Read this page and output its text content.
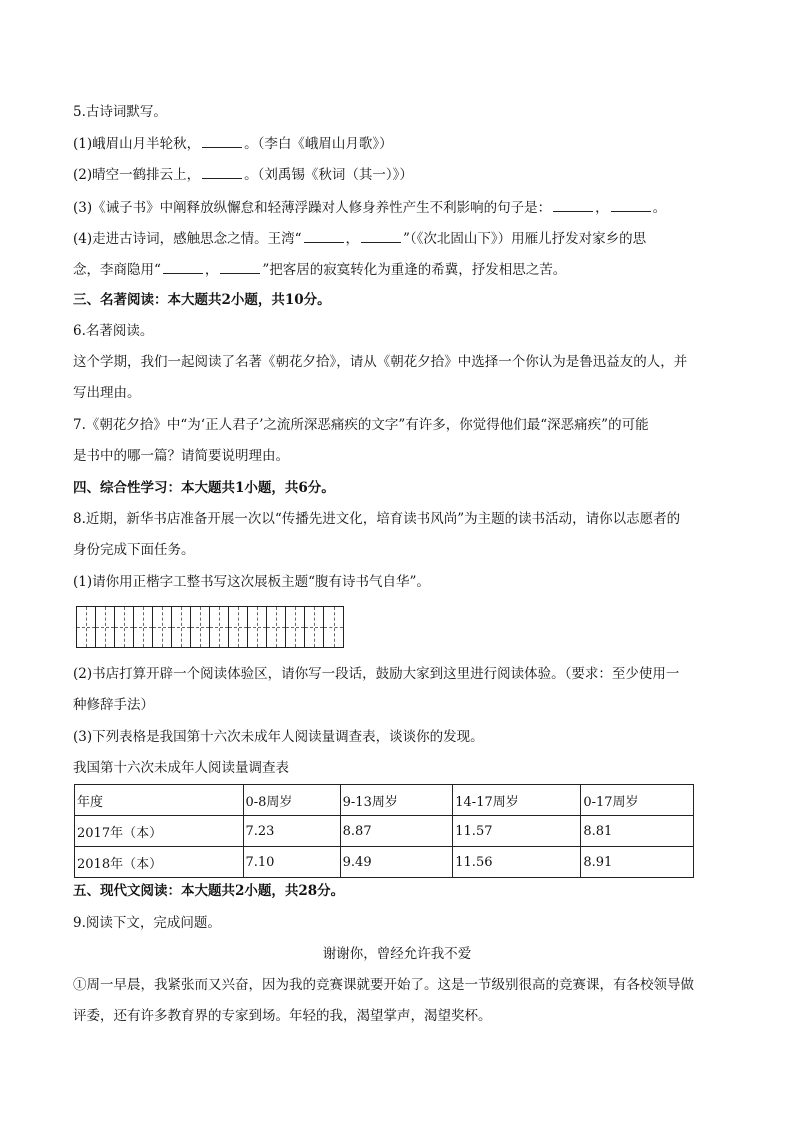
5.古诗词默写。
(1)峨眉山月半轮秋，	。（李白《峨眉山月歌》）
(2)晴空一鹤排云上，	。（刘禹锡《秋词（其一）》）
(3)《诫子书》中阐释放纵懈怠和轻薄浮躁对人修身养性产生不利影响的句子是：	，	。
(4)走进古诗词，感触思念之情。王湾“	，	”（《次北固山下》）用雁儿抒发对家乡的思
念，李商隐用“	，	”把客居的寂寞转化为重逢的希冀，抒发相思之苦。
三、名著阅读：本大题共2小题，共10分。
6.名著阅读。
这个学期，我们一起阅读了名著《朝花夕拾》，请从《朝花夕拾》中选择一个你认为是鲁迅益友的人，并
写出理由。
7.《朝花夕拾》中“为‘正人君子’之流所深恶痛疾的文字”有许多，你觉得他们最“深恶痛疾”的可能
是书中的哪一篇？请简要说明理由。
四、综合性学习：本大题共1小题，共6分。
8.近期，新华书店准备开展一次以“传播先进文化，培育读书风尚”为主题的读书活动，请你以志愿者的
身份完成下面任务。
(1)请你用正楷字工整书写这次展板主题“腹有诗书气自华”。
(2)书店打算开辟一个阅读体验区，请你写一段话，鼓励大家到这里进行阅读体验。（要求：至少使用一
种修辞手法）
(3)下列表格是我国第十六次未成年人阅读量调查表，谈谈你的发现。
我国第十六次未成年人阅读量调查表
年度	0-8周岁	9-13周岁	14-17周岁	0-17周岁
2017年（本）	7.23	8.87	11.57	8.81
2018年（本）	7.10	9.49	11.56	8.91
五、现代文阅读：本大题共2小题，共28分。
9.阅读下文，完成问题。
谢谢你，曾经允许我不爱
①周一早晨，我紧张而又兴奋，因为我的竞赛课就要开始了。这是一节级别很高的竞赛课，有各校领导做
评委，还有许多教育界的专家到场。年轻的我，渴望掌声，渴望奖杯。
